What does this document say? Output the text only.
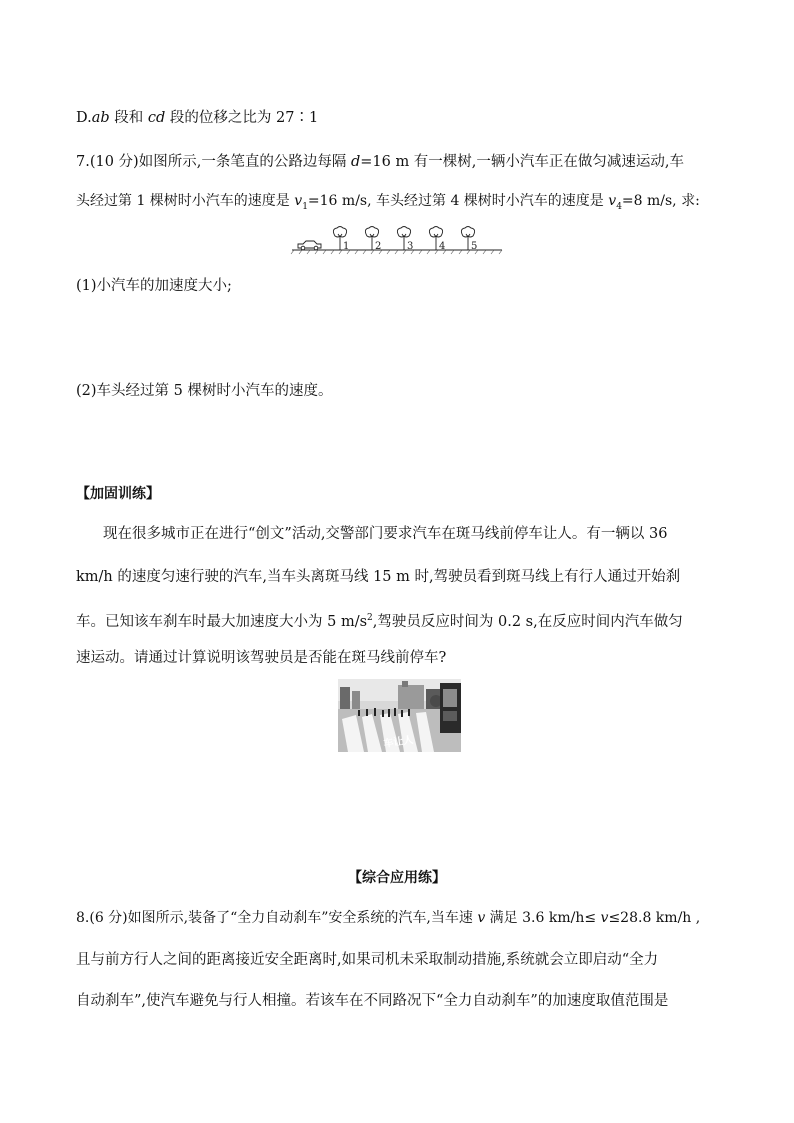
D.ab 段和 cd 段的位移之比为 27∶1
7.(10 分)如图所示,一条笔直的公路边每隔 d=16 m 有一棵树,一辆小汽车正在做匀减速运动,车
头经过第 1 棵树时小汽车的速度是 $v_1=16$ m/s, 车头经过第 4 棵树时小汽车的速度是 $v_4=8$ m/s, 求:
1	2	3	4	5
(1)小汽车的加速度大小;
(2)车头经过第 5 棵树时小汽车的速度。
【加固训练】
现在很多城市正在进行“创文”活动,交警部门要求汽车在斑马线前停车让人。有一辆以 36
km/h 的速度匀速行驶的汽车,当车头离斑马线 15 m 时,驾驶员看到斑马线上有行人通过开始刹
车。已知该车刹车时最大加速度大小为 5 $m/s^2$,驾驶员反应时间为 0.2 s,在反应时间内汽车做匀
速运动。请通过计算说明该驾驶员是否能在斑马线前停车?
车让人
【综合应用练】
8.(6 分)如图所示,装备了“全力自动刹车”安全系统的汽车,当车速 v 满足 3.6 km/h≤ v≤28.8 km/h ,
且与前方行人之间的距离接近安全距离时,如果司机未采取制动措施,系统就会立即启动“全力
自动刹车”,使汽车避免与行人相撞。若该车在不同路况下“全力自动刹车”的加速度取值范围是
